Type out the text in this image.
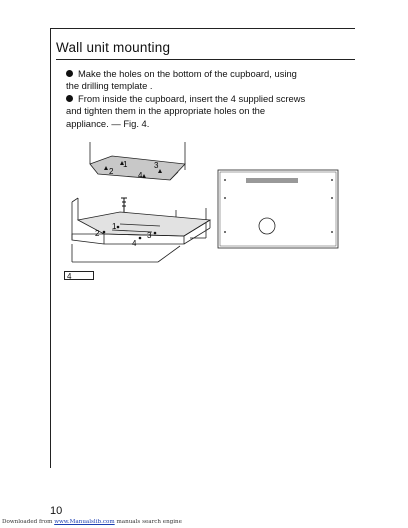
Wall unit mounting
Make the holes on the bottom of the cupboard, using
the drilling template .
From inside the cupboard, insert the 4 supplied screws
and tighten them in the appropriate holes on the
appliance. — Fig. 4.
1
2
3
4
1
2	3
4
4
10
Downloaded from www.Manualslib.com manuals search engine
